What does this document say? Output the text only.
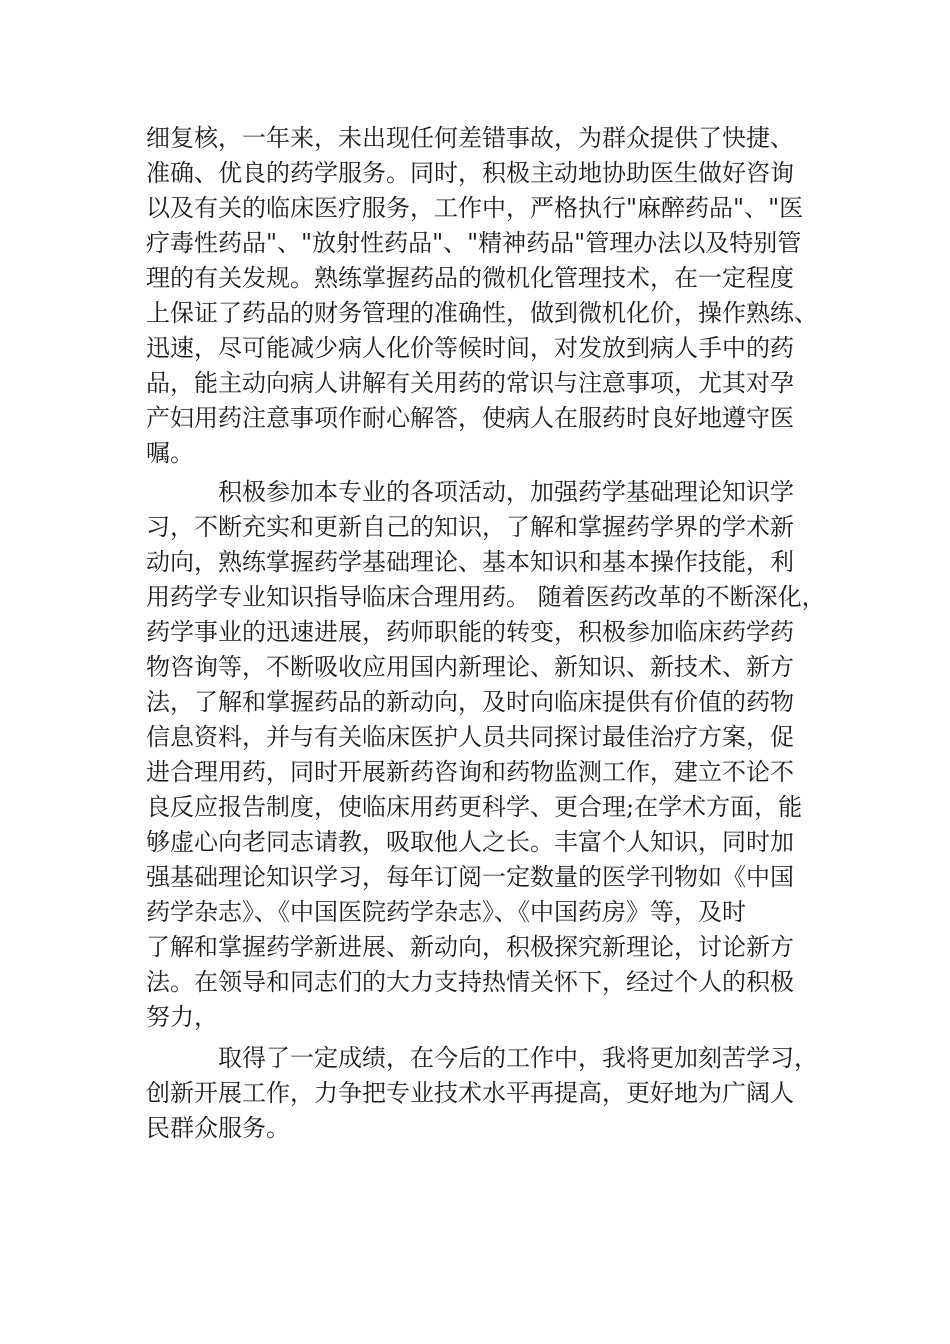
细复核，一年来，未出现任何差错事故，为群众提供了快捷、
准确、优良的药学服务。同时，积极主动地协助医生做好咨询
以及有关的临床医疗服务，工作中，严格执行"麻醉药品"、"医
疗毒性药品"、"放射性药品"、"精神药品"管理办法以及特别管
理的有关发规。熟练掌握药品的微机化管理技术，在一定程度
上保证了药品的财务管理的准确性，做到微机化价，操作熟练、
迅速，尽可能减少病人化价等候时间，对发放到病人手中的药
品，能主动向病人讲解有关用药的常识与注意事项，尤其对孕
产妇用药注意事项作耐心解答，使病人在服药时良好地遵守医
嘱。
积极参加本专业的各项活动，加强药学基础理论知识学
习，不断充实和更新自己的知识，了解和掌握药学界的学术新
动向，熟练掌握药学基础理论、基本知识和基本操作技能，利
用药学专业知识指导临床合理用药。 随着医药改革的不断深化，
药学事业的迅速进展，药师职能的转变，积极参加临床药学药
物咨询等，不断吸收应用国内新理论、新知识、新技术、新方
法，了解和掌握药品的新动向，及时向临床提供有价值的药物
信息资料，并与有关临床医护人员共同探讨最佳治疗方案，促
进合理用药，同时开展新药咨询和药物监测工作，建立不论不
良反应报告制度，使临床用药更科学、更合理;在学术方面，能
够虚心向老同志请教，吸取他人之长。丰富个人知识，同时加
强基础理论知识学习，每年订阅一定数量的医学刊物如《中国
药学杂志》、《中国医院药学杂志》、《中国药房》等，及时
了解和掌握药学新进展、新动向，积极探究新理论，讨论新方
法。在领导和同志们的大力支持热情关怀下，经过个人的积极
努力，
取得了一定成绩，在今后的工作中，我将更加刻苦学习，
创新开展工作，力争把专业技术水平再提高，更好地为广阔人
民群众服务。
